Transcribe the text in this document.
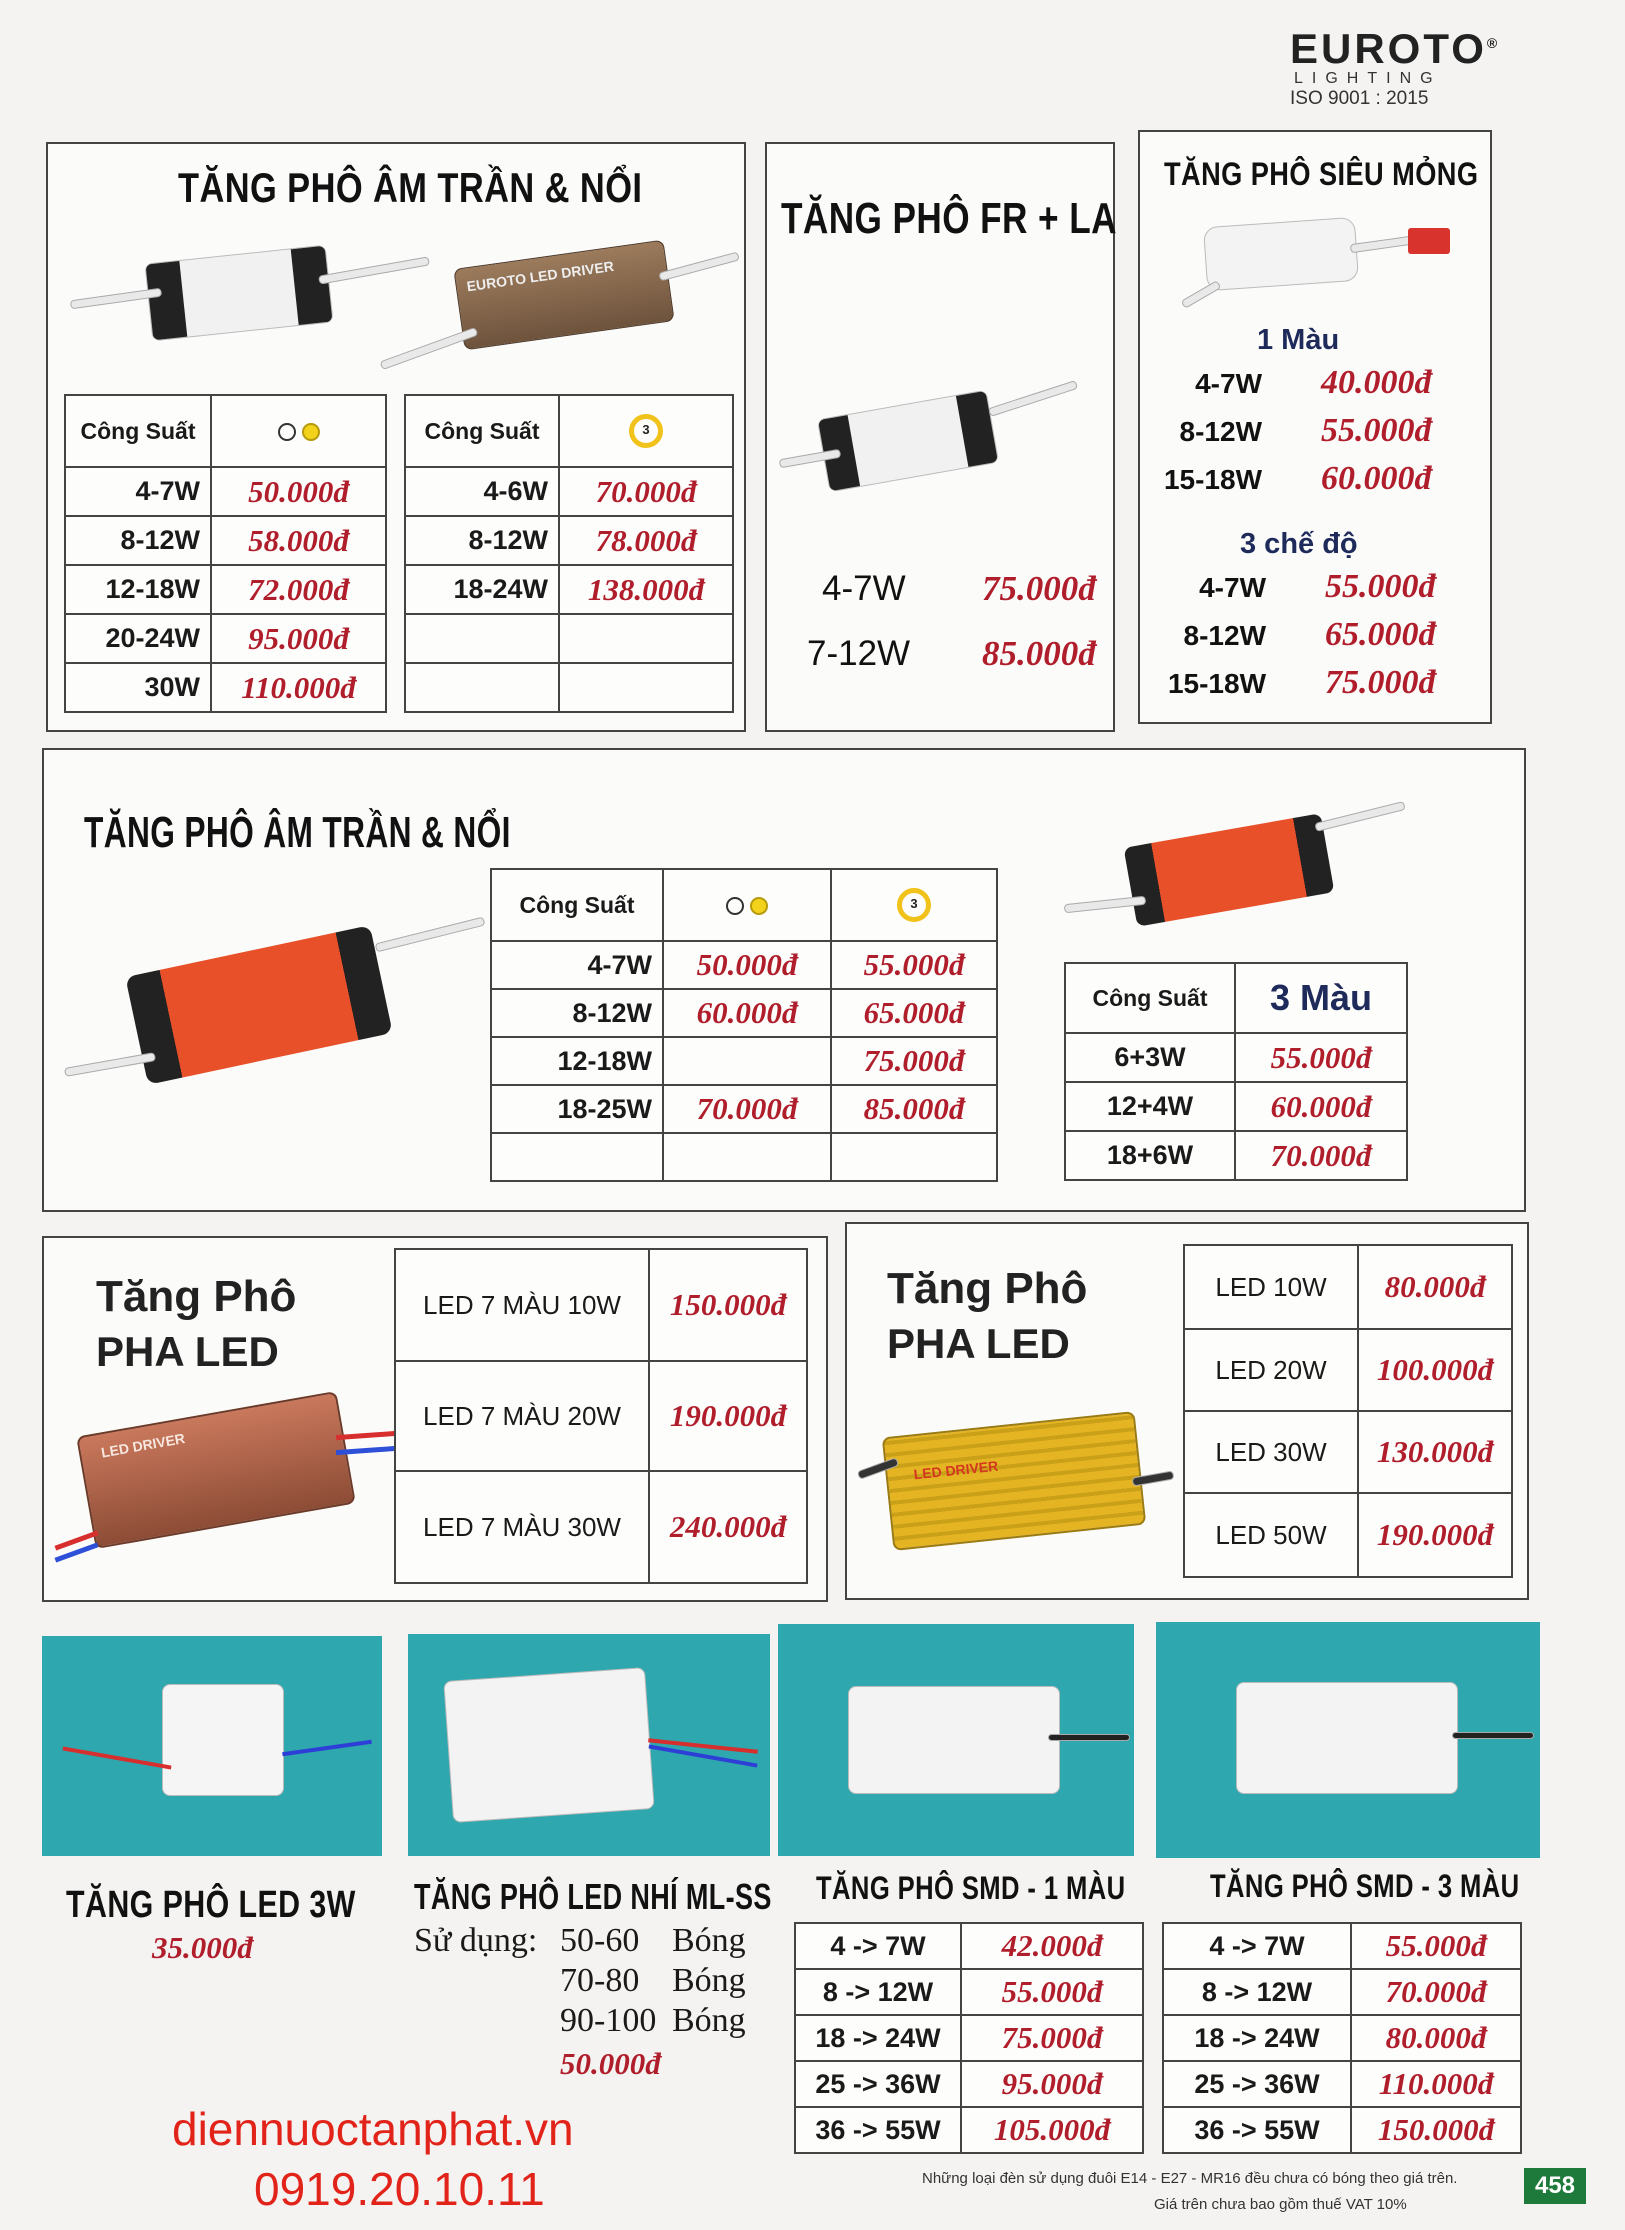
EUROTO®
LIGHTING
ISO 9001 : 2015
TĂNG PHÔ ÂM TRẦN & NỔI
EUROTO LED DRIVER
Công Suất	
4-7W	50.000đ
8-12W	58.000đ
12-18W	72.000đ
20-24W	95.000đ
30W	110.000đ
Công Suất	3

4-6W	70.000đ
8-12W	78.000đ
18-24W	138.000đ

TĂNG PHÔ FR + LA
4-7W 75.000đ
7-12W 85.000đ
TĂNG PHÔ SIÊU MỎNG
1 Màu
4-7W 40.000đ
8-12W 55.000đ
15-18W 60.000đ
3 chế độ
4-7W 55.000đ
8-12W 65.000đ
15-18W 75.000đ
TĂNG PHÔ ÂM TRẦN & NỔI
Công Suất		3

4-7W	50.000đ	55.000đ
8-12W	60.000đ	65.000đ
12-18W		75.000đ
18-25W	70.000đ	85.000đ

Công Suất	3 Màu
6+3W	55.000đ
12+4W	60.000đ
18+6W	70.000đ
Tăng Phô
PHA LED
LED DRIVER
LED 7 MÀU 10W	150.000đ
LED 7 MÀU 20W	190.000đ
LED 7 MÀU 30W	240.000đ
Tăng Phô
PHA LED
LED DRIVER
LED 10W	80.000đ
LED 20W	100.000đ
LED 30W	130.000đ
LED 50W	190.000đ
TĂNG PHÔ LED 3W
35.000đ
TĂNG PHÔ LED NHÍ ML-SS
Sử dụng: 50-60 Bóng
70-80 Bóng
90-100 Bóng
50.000đ
TĂNG PHÔ SMD - 1 MÀU
4 -> 7W	42.000đ
8 -> 12W	55.000đ
18 -> 24W	75.000đ
25 -> 36W	95.000đ
36 -> 55W	105.000đ
TĂNG PHÔ SMD - 3 MÀU
4 -> 7W	55.000đ
8 -> 12W	70.000đ
18 -> 24W	80.000đ
25 -> 36W	110.000đ
36 -> 55W	150.000đ
diennuoctanphat.vn
0919.20.10.11	Những loại đèn sử dụng đuôi E14 - E27 - MR16 đều chưa có bóng theo giá trên.
Giá trên chưa bao gồm thuế VAT 10%
458
